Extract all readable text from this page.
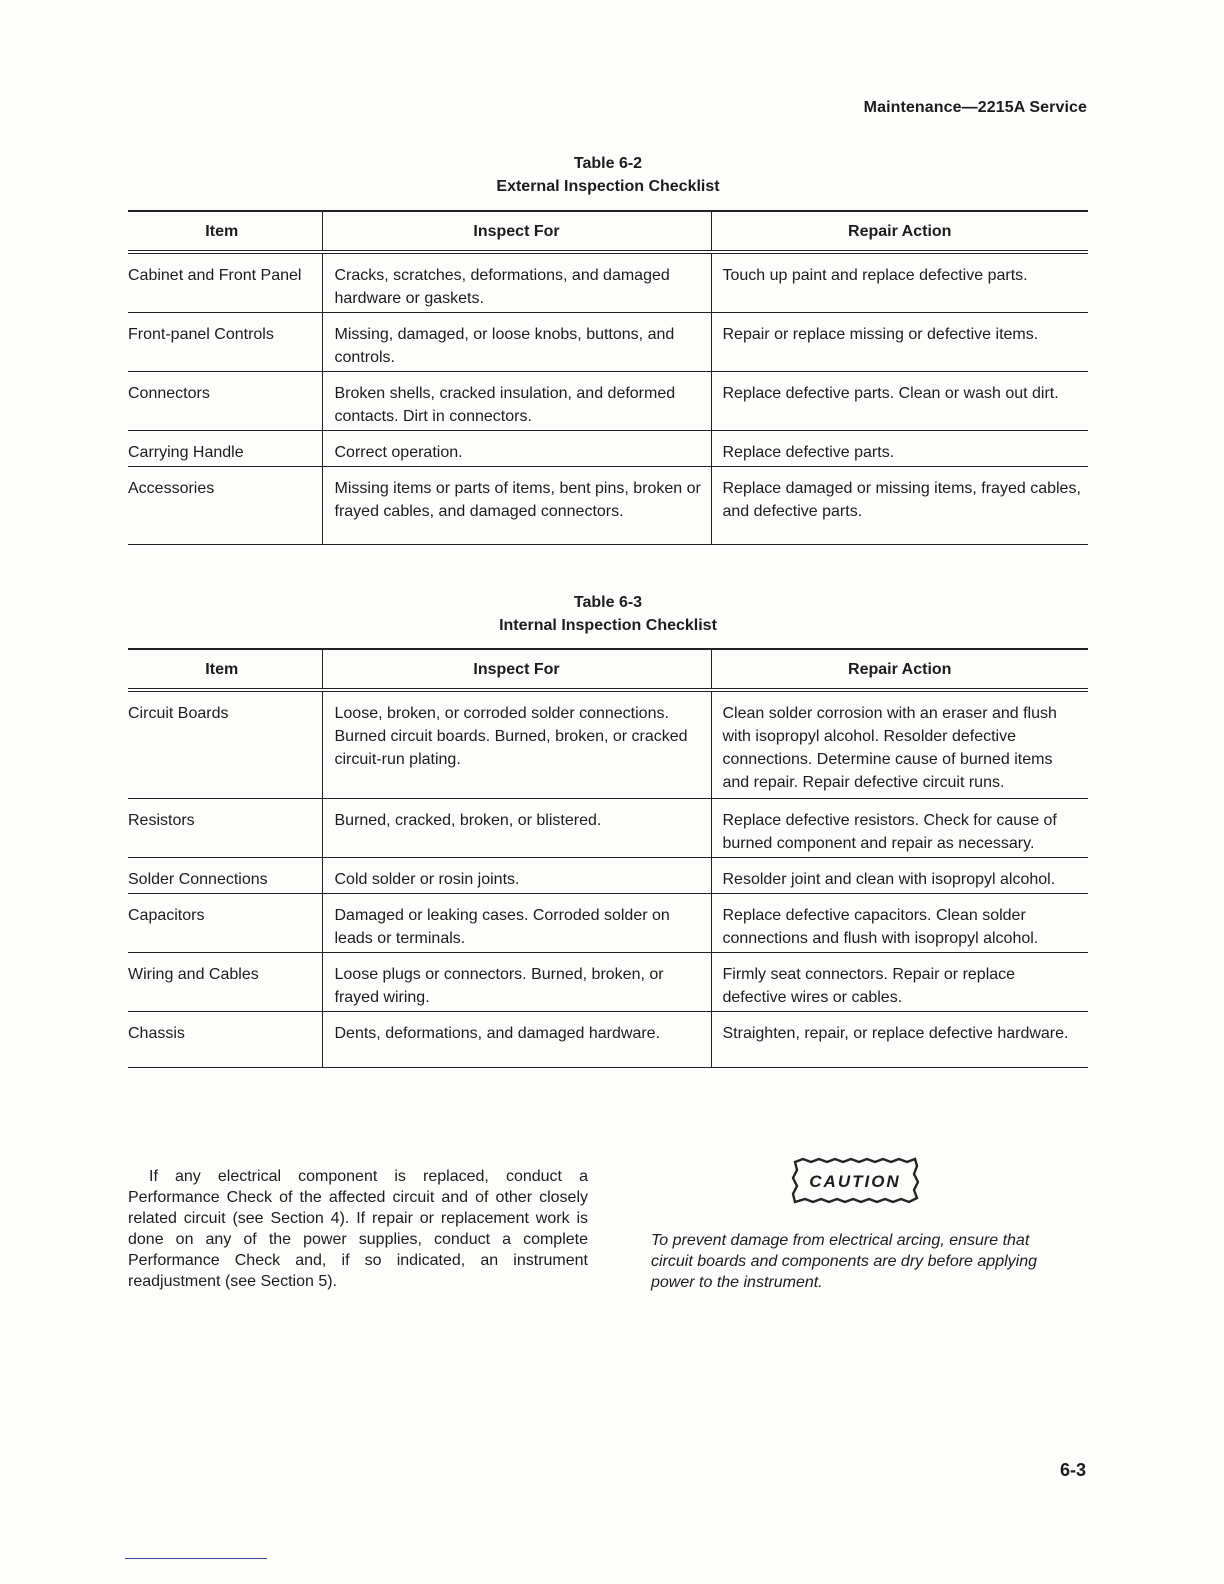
Maintenance—2215A Service
Table 6-2
External Inspection Checklist
Item	Inspect For	Repair Action
Cabinet and Front Panel	Cracks, scratches, deformations, and damaged hardware or gaskets.	Touch up paint and replace defective parts.
Front-panel Controls	Missing, damaged, or loose knobs, buttons, and controls.	Repair or replace missing or defective items.
Connectors	Broken shells, cracked insulation, and deformed contacts. Dirt in connectors.	Replace defective parts. Clean or wash out dirt.
Carrying Handle	Correct operation.	Replace defective parts.
Accessories	Missing items or parts of items, bent pins, broken or frayed cables, and damaged connectors.	Replace damaged or missing items, frayed cables, and defective parts.
Table 6-3
Internal Inspection Checklist
Item	Inspect For	Repair Action
Circuit Boards	Loose, broken, or corroded solder connections. Burned circuit boards. Burned, broken, or cracked circuit-run plating.	Clean solder corrosion with an eraser and flush with isopropyl alcohol. Resolder defective connections. Determine cause of burned items and repair. Repair defective circuit runs.
Resistors	Burned, cracked, broken, or blistered.	Replace defective resistors. Check for cause of burned component and repair as necessary.
Solder Connections	Cold solder or rosin joints.	Resolder joint and clean with isopropyl alcohol.
Capacitors	Damaged or leaking cases. Corroded solder on leads or terminals.	Replace defective capacitors. Clean solder connections and flush with isopropyl alcohol.
Wiring and Cables	Loose plugs or connectors. Burned, broken, or frayed wiring.	Firmly seat connectors. Repair or replace defective wires or cables.
Chassis	Dents, deformations, and damaged hardware.	Straighten, repair, or replace defective hardware.

If any electrical component is replaced, conduct a Performance Check of the affected circuit and of other closely related circuit (see Section 4). If repair or replacement work is done on any of the power supplies, conduct a complete Performance Check and, if so indicated, an instrument readjustment (see Section 5).

CAUTION

To prevent damage from electrical arcing, ensure that circuit boards and components are dry before applying power to the instrument.

6-3
